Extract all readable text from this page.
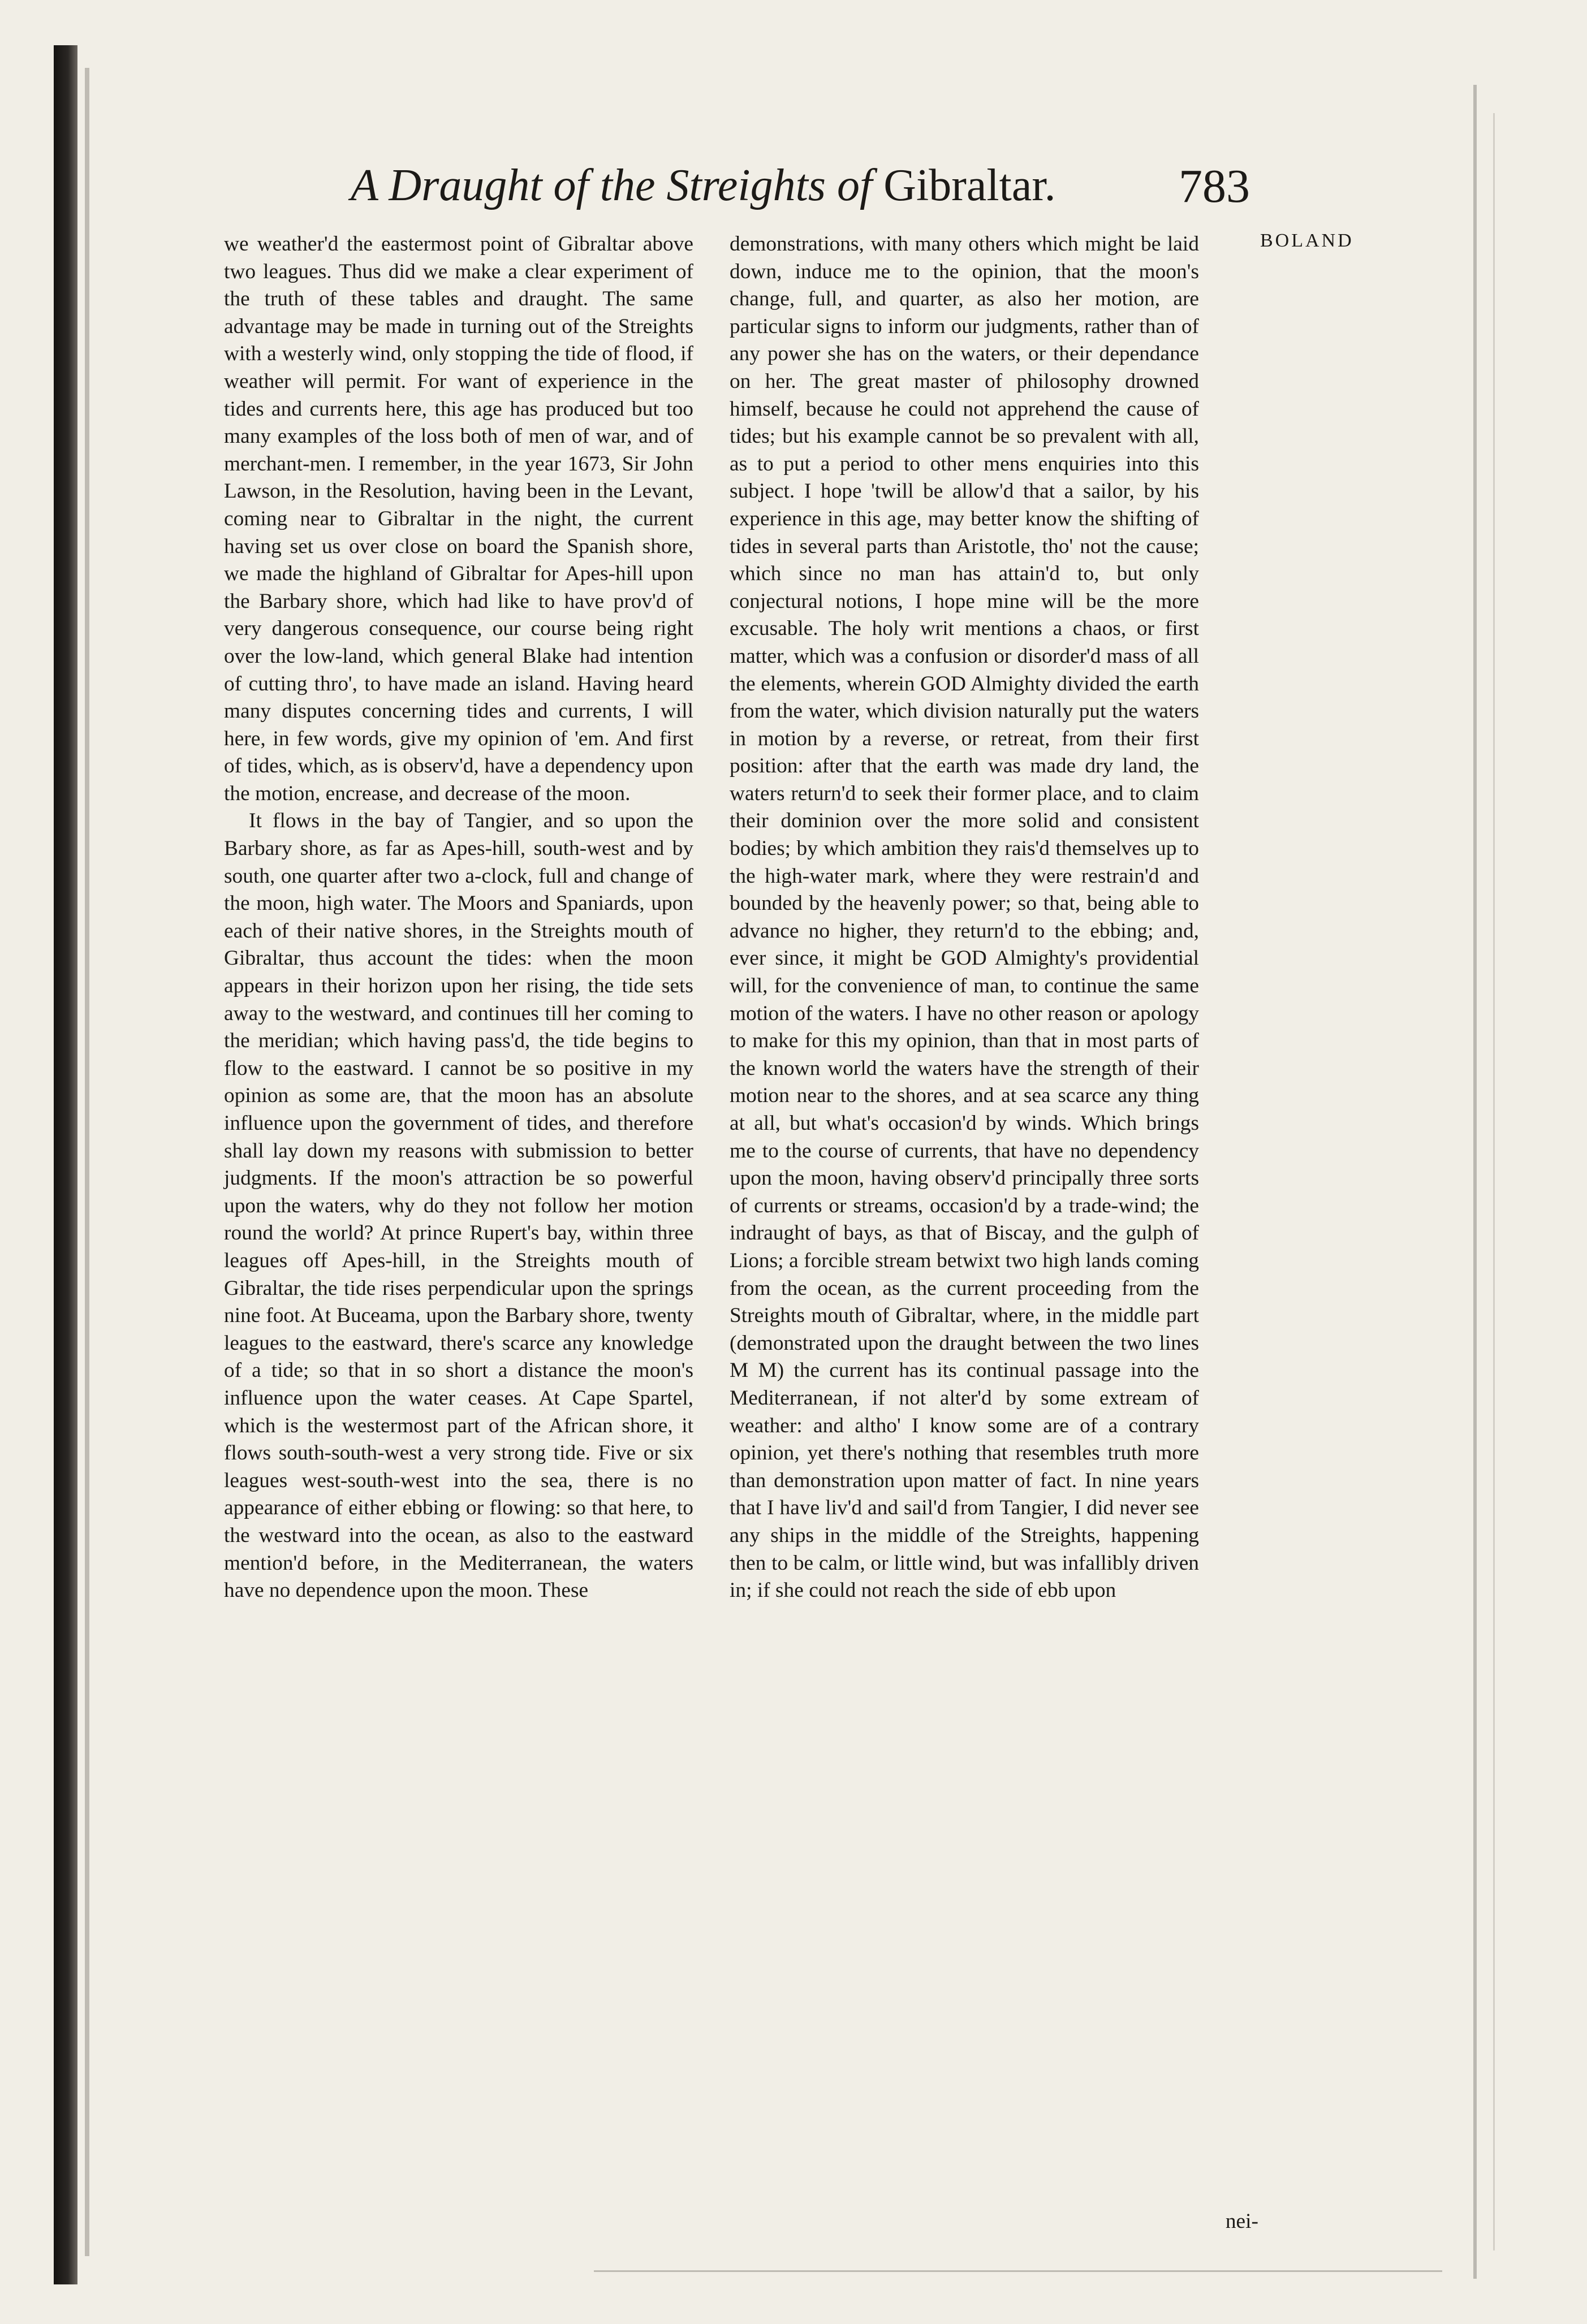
A Draught of the Streights of Gibraltar.	783
BOLAND

we weather'd the eastermost point of Gibraltar above two leagues. Thus did we make a clear experiment of the truth of these tables and draught. The same advantage may be made in turning out of the Streights with a westerly wind, only stopping the tide of flood, if weather will permit. For want of experience in the tides and currents here, this age has produced but too many examples of the loss both of men of war, and of merchant-men. I remember, in the year 1673, Sir John Lawson, in the Resolution, having been in the Levant, coming near to Gibraltar in the night, the current having set us over close on board the Spanish shore, we made the highland of Gibraltar for Apes-hill upon the Barbary shore, which had like to have prov'd of very dangerous consequence, our course being right over the low-land, which general Blake had intention of cutting thro', to have made an island. Having heard many disputes concerning tides and currents, I will here, in few words, give my opinion of 'em. And first of tides, which, as is observ'd, have a dependency upon the motion, encrease, and decrease of the moon.

It flows in the bay of Tangier, and so upon the Barbary shore, as far as Apes-hill, south-west and by south, one quarter after two a-clock, full and change of the moon, high water. The Moors and Spaniards, upon each of their native shores, in the Streights mouth of Gibraltar, thus account the tides: when the moon appears in their horizon upon her rising, the tide sets away to the westward, and continues till her coming to the meridian; which having pass'd, the tide begins to flow to the eastward. I cannot be so positive in my opinion as some are, that the moon has an absolute influence upon the government of tides, and therefore shall lay down my reasons with submission to better judgments. If the moon's attraction be so powerful upon the waters, why do they not follow her motion round the world? At prince Rupert's bay, within three leagues off Apes-hill, in the Streights mouth of Gibraltar, the tide rises perpendicular upon the springs nine foot. At Buceama, upon the Barbary shore, twenty leagues to the eastward, there's scarce any knowledge of a tide; so that in so short a distance the moon's influence upon the water ceases. At Cape Spartel, which is the westermost part of the African shore, it flows south-south-west a very strong tide. Five or six leagues west-south-west into the sea, there is no appearance of either ebbing or flowing: so that here, to the westward into the ocean, as also to the eastward mention'd before, in the Mediterranean, the waters have no dependence upon the moon. These

demonstrations, with many others which might be laid down, induce me to the opinion, that the moon's change, full, and quarter, as also her motion, are particular signs to inform our judgments, rather than of any power she has on the waters, or their dependance on her. The great master of philosophy drowned himself, because he could not apprehend the cause of tides; but his example cannot be so prevalent with all, as to put a period to other mens enquiries into this subject. I hope 'twill be allow'd that a sailor, by his experience in this age, may better know the shifting of tides in several parts than Aristotle, tho' not the cause; which since no man has attain'd to, but only conjectural notions, I hope mine will be the more excusable. The holy writ mentions a chaos, or first matter, which was a confusion or disorder'd mass of all the elements, wherein GOD Almighty divided the earth from the water, which division naturally put the waters in motion by a reverse, or retreat, from their first position: after that the earth was made dry land, the waters return'd to seek their former place, and to claim their dominion over the more solid and consistent bodies; by which ambition they rais'd themselves up to the high-water mark, where they were restrain'd and bounded by the heavenly power; so that, being able to advance no higher, they return'd to the ebbing; and, ever since, it might be GOD Almighty's providential will, for the convenience of man, to continue the same motion of the waters. I have no other reason or apology to make for this my opinion, than that in most parts of the known world the waters have the strength of their motion near to the shores, and at sea scarce any thing at all, but what's occasion'd by winds. Which brings me to the course of currents, that have no dependency upon the moon, having observ'd principally three sorts of currents or streams, occasion'd by a trade-wind; the indraught of bays, as that of Biscay, and the gulph of Lions; a forcible stream betwixt two high lands coming from the ocean, as the current proceeding from the Streights mouth of Gibraltar, where, in the middle part (demonstrated upon the draught between the two lines M M) the current has its continual passage into the Mediterranean, if not alter'd by some extream of weather: and altho' I know some are of a contrary opinion, yet there's nothing that resembles truth more than demonstration upon matter of fact. In nine years that I have liv'd and sail'd from Tangier, I did never see any ships in the middle of the Streights, happening then to be calm, or little wind, but was infallibly driven in; if she could not reach the side of ebb upon

nei-
